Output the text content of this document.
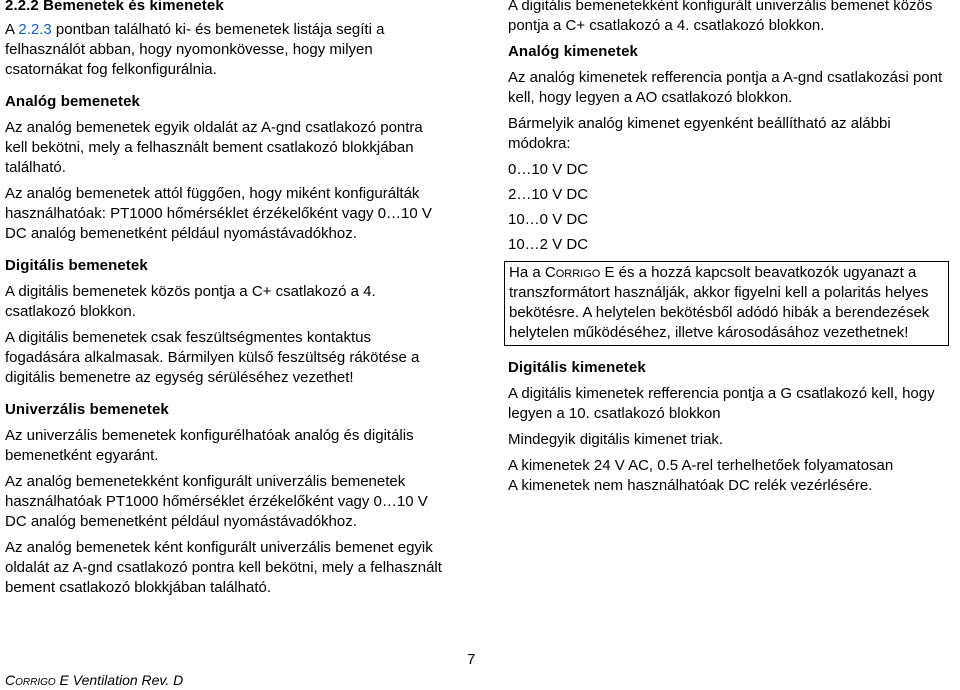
2.2.2 Bemenetek és kimenetek

A 2.2.3 pontban található ki- és bemenetek listája segíti a felhasználót abban, hogy nyomonkövesse, hogy milyen csatornákat fog felkonfigurálnia.

Analóg bemenetek

Az analóg bemenetek egyik oldalát az A-gnd csatlakozó pontra kell bekötni, mely a felhasznált bement csatlakozó blokkjában található.

Az analóg bemenetek attól függően, hogy miként konfigurálták használhatóak: PT1000 hőmérséklet érzékelőként vagy 0…10 V DC analóg bemenetként például nyomástávadókhoz.

Digitális bemenetek

A digitális bemenetek közös pontja a C+ csatlakozó a 4. csatlakozó blokkon.

A digitális bemenetek csak feszültségmentes kontaktus fogadására alkalmasak. Bármilyen külső feszültség rákötése a digitális bemenetre az egység sérüléséhez vezethet!

Univerzális bemenetek

Az univerzális bemenetek konfigurélhatóak analóg és digitális bemenetként egyaránt.

Az analóg bemenetekként konfigurált univerzális bemenetek használhatóak PT1000 hőmérséklet érzékelőként vagy 0…10 V DC analóg bemenetként például nyomástávadókhoz.

Az analóg bemenetek ként konfigurált univerzális bemenet egyik oldalát az A-gnd csatlakozó pontra kell bekötni, mely a felhasznált bement csatlakozó blokkjában található.

A digitális bemenetekként konfigurált univerzális bemenet közös pontja a C+ csatlakozó a 4. csatlakozó blokkon.

Analóg kimenetek

Az analóg kimenetek refferencia pontja a A-gnd csatlakozási pont kell, hogy legyen a AO csatlakozó blokkon.

Bármelyik analóg kimenet egyenként beállítható az alábbi módokra:

0…10 V DC

2…10 V DC

10…0 V DC

10…2 V DC

Ha a Corrigo E és a hozzá kapcsolt beavatkozók ugyanazt a transzformátort használják, akkor figyelni kell a polaritás helyes bekötésre. A helytelen bekötésből adódó hibák a berendezések helytelen működéséhez, illetve károsodásához vezethetnek!
Digitális kimenetek

A digitális kimenetek refferencia pontja a G csatlakozó kell, hogy legyen a 10. csatlakozó blokkon

Mindegyik digitális kimenet triak.

A kimenetek 24 V AC, 0.5 A-rel terhelhetőek folyamatosan

A kimenetek nem használhatóak DC relék vezérlésére.

7
Corrigo E Ventilation Rev. D
